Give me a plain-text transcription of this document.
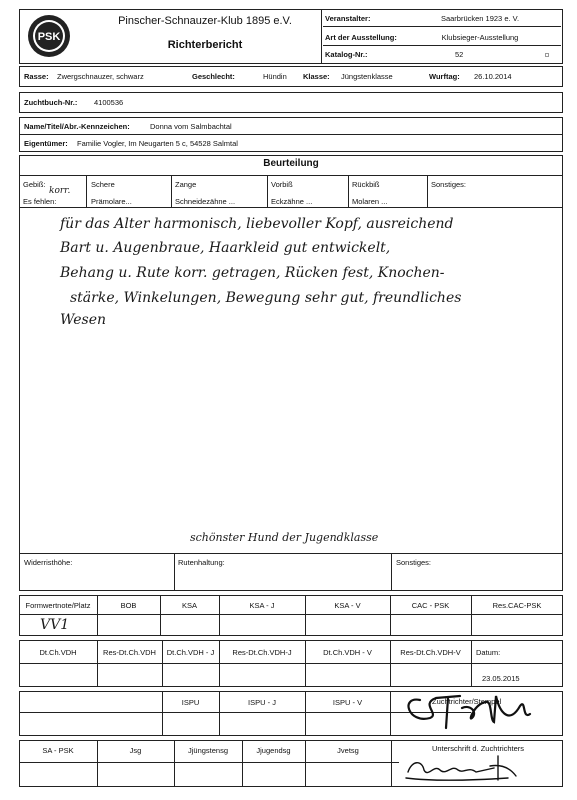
PSK
Pinscher-Schnauzer-Klub 1895 e.V.
Richterbericht
Veranstalter:	Saarbrücken 1923 e. V.
Art der Ausstellung:	Klubsieger-Ausstellung
Katalog-Nr.:	52
Rasse: Zwergschnauzer, schwarz	Geschlecht:	Hündin Klasse: Jüngstenklasse	Wurftag: 26.10.2014
Zuchtbuch-Nr.: 4100536
Name/Titel/Abr.-Kennzeichen:	Donna vom Salmbachtal
Eigentümer: Familie Vogler, Im Neugarten 5 c, 54528 Salmtal
Beurteilung
Gebiß:
korr.
Es fehlen:
Schere	Zange	Vorbiß	Rückbiß	Sonstiges:
Prämolare...	Schneidezähne ...	Eckzähne ...	Molaren ...
für das Alter harmonisch, liebevoller Kopf, ausreichend
Bart u. Augenbraue, Haarkleid gut entwickelt,
Behang u. Rute korr. getragen, Rücken fest, Knochen-
stärke, Winkelungen, Bewegung sehr gut, freundliches
Wesen
schönster Hund der Jugendklasse
Widerristhöhe:	Rutenhaltung:	Sonstiges:
Formwertnote/Platz	BOB	KSA	KSA - J	KSA - V	CAC - PSK	Res.CAC-PSK
VV1
Dt.Ch.VDH	Res-Dt.Ch.VDH	Dt.Ch.VDH - J	Res-Dt.Ch.VDH-J	Dt.Ch.VDH - V	Res-Dt.Ch.VDH-V	Datum:
23.05.2015
ISPU	ISPU - J	ISPU - V	Zuchtrichter/Stempel
SA - PSK	Jsg	Jjüngstensg	Jjugendsg	Jvetsg	Unterschrift d. Zuchtrichters
